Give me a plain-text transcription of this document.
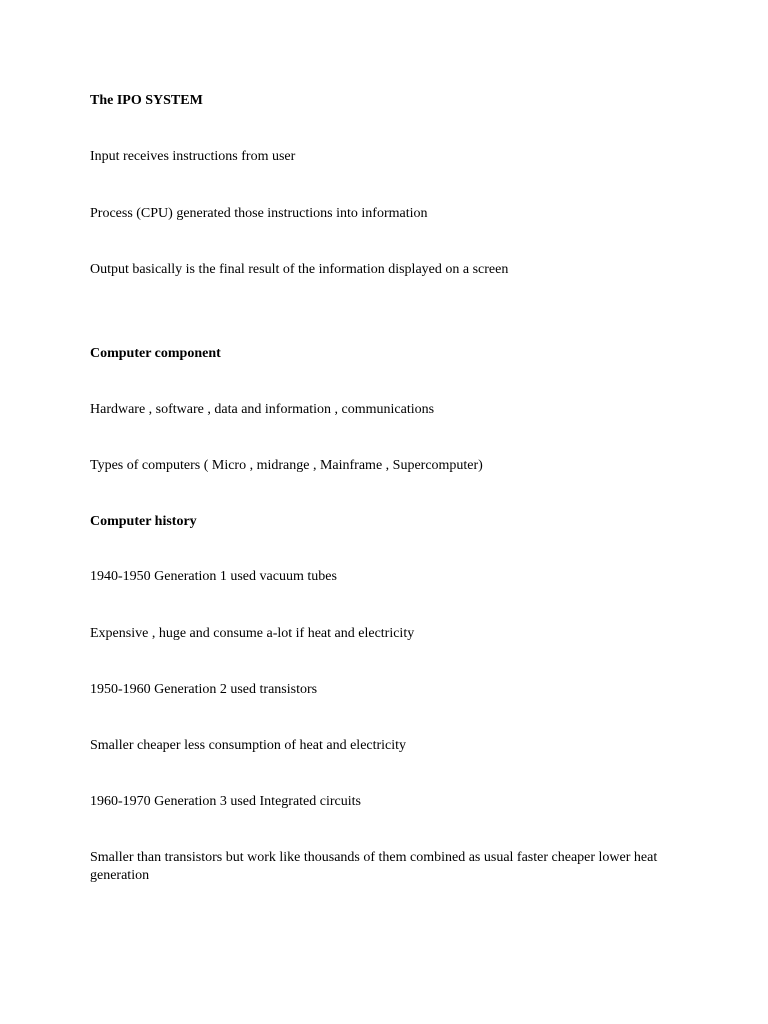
The IPO SYSTEM

Input receives instructions from user

Process (CPU) generated those instructions into information

Output basically is the final result of the information displayed on a screen

Computer component

Hardware , software , data and information , communications

Types of computers ( Micro , midrange , Mainframe , Supercomputer)

Computer history

1940-1950 Generation 1 used vacuum tubes

Expensive , huge and consume a-lot if heat and electricity

1950-1960 Generation 2 used transistors

Smaller cheaper less consumption of heat and electricity

1960-1970 Generation 3 used Integrated circuits

Smaller than transistors but work like thousands of them combined as usual faster cheaper lower heat generation
